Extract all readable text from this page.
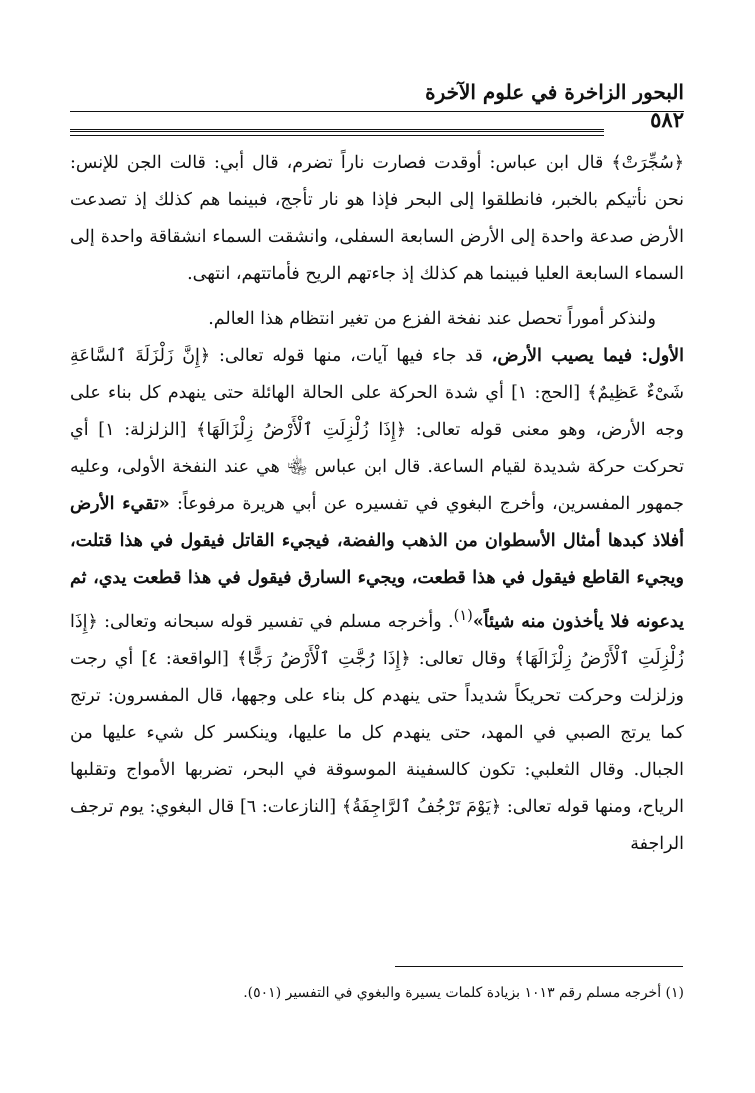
البحور الزاخرة في علوم الآخرة
٥٨٢

﴿سُجِّرَتْ﴾ قال ابن عباس: أوقدت فصارت ناراً تضرم، قال أبي: قالت الجن للإنس: نحن نأتيكم بالخبر، فانطلقوا إلى البحر فإذا هو نار تأجج، فبينما هم كذلك إذ تصدعت الأرض صدعة واحدة إلى الأرض السابعة السفلى، وانشقت السماء انشقاقة واحدة إلى السماء السابعة العليا فبينما هم كذلك إذ جاءتهم الريح فأماتتهم، انتهى.

ولنذكر أموراً تحصل عند نفخة الفزع من تغير انتظام هذا العالم.

الأول: فيما يصيب الأرض، قد جاء فيها آيات، منها قوله تعالى: ﴿إِنَّ زَلْزَلَةَ ٱلسَّاعَةِ شَىْءٌ عَظِيمٌ﴾ [الحج: ١] أي شدة الحركة على الحالة الهائلة حتى ينهدم كل بناء على وجه الأرض، وهو معنى قوله تعالى: ﴿إِذَا زُلْزِلَتِ ٱلْأَرْضُ زِلْزَالَهَا﴾ [الزلزلة: ١] أي تحركت حركة شديدة لقيام الساعة. قال ابن عباس ﵄ هي عند النفخة الأولى، وعليه جمهور المفسرين، وأخرج البغوي في تفسيره عن أبي هريرة مرفوعاً: «تقيء الأرض أفلاذ كبدها أمثال الأسطوان من الذهب والفضة، فيجيء القاتل فيقول في هذا قتلت، ويجيء القاطع فيقول في هذا قطعت، ويجيء السارق فيقول في هذا قطعت يدي، ثم يدعونه فلا يأخذون منه شيئاً»$^{(١)}$. وأخرجه مسلم في تفسير قوله سبحانه وتعالى: ﴿إِذَا زُلْزِلَتِ ٱلْأَرْضُ زِلْزَالَهَا﴾ وقال تعالى: ﴿إِذَا رُجَّتِ ٱلْأَرْضُ رَجًّا﴾ [الواقعة: ٤] أي رجت وزلزلت وحركت تحريكاً شديداً حتى ينهدم كل بناء على وجهها، قال المفسرون: ترتج كما يرتج الصبي في المهد، حتى ينهدم كل ما عليها، وينكسر كل شيء عليها من الجبال. وقال الثعلبي: تكون كالسفينة الموسوقة في البحر، تضربها الأمواج وتقلبها الرياح، ومنها قوله تعالى: ﴿يَوْمَ تَرْجُفُ ٱلرَّاجِفَةُ﴾ [النازعات: ٦] قال البغوي: يوم ترجف الراجفة

(١) أخرجه مسلم رقم ١٠١٣ بزيادة كلمات يسيرة والبغوي في التفسير (٥٠١).
